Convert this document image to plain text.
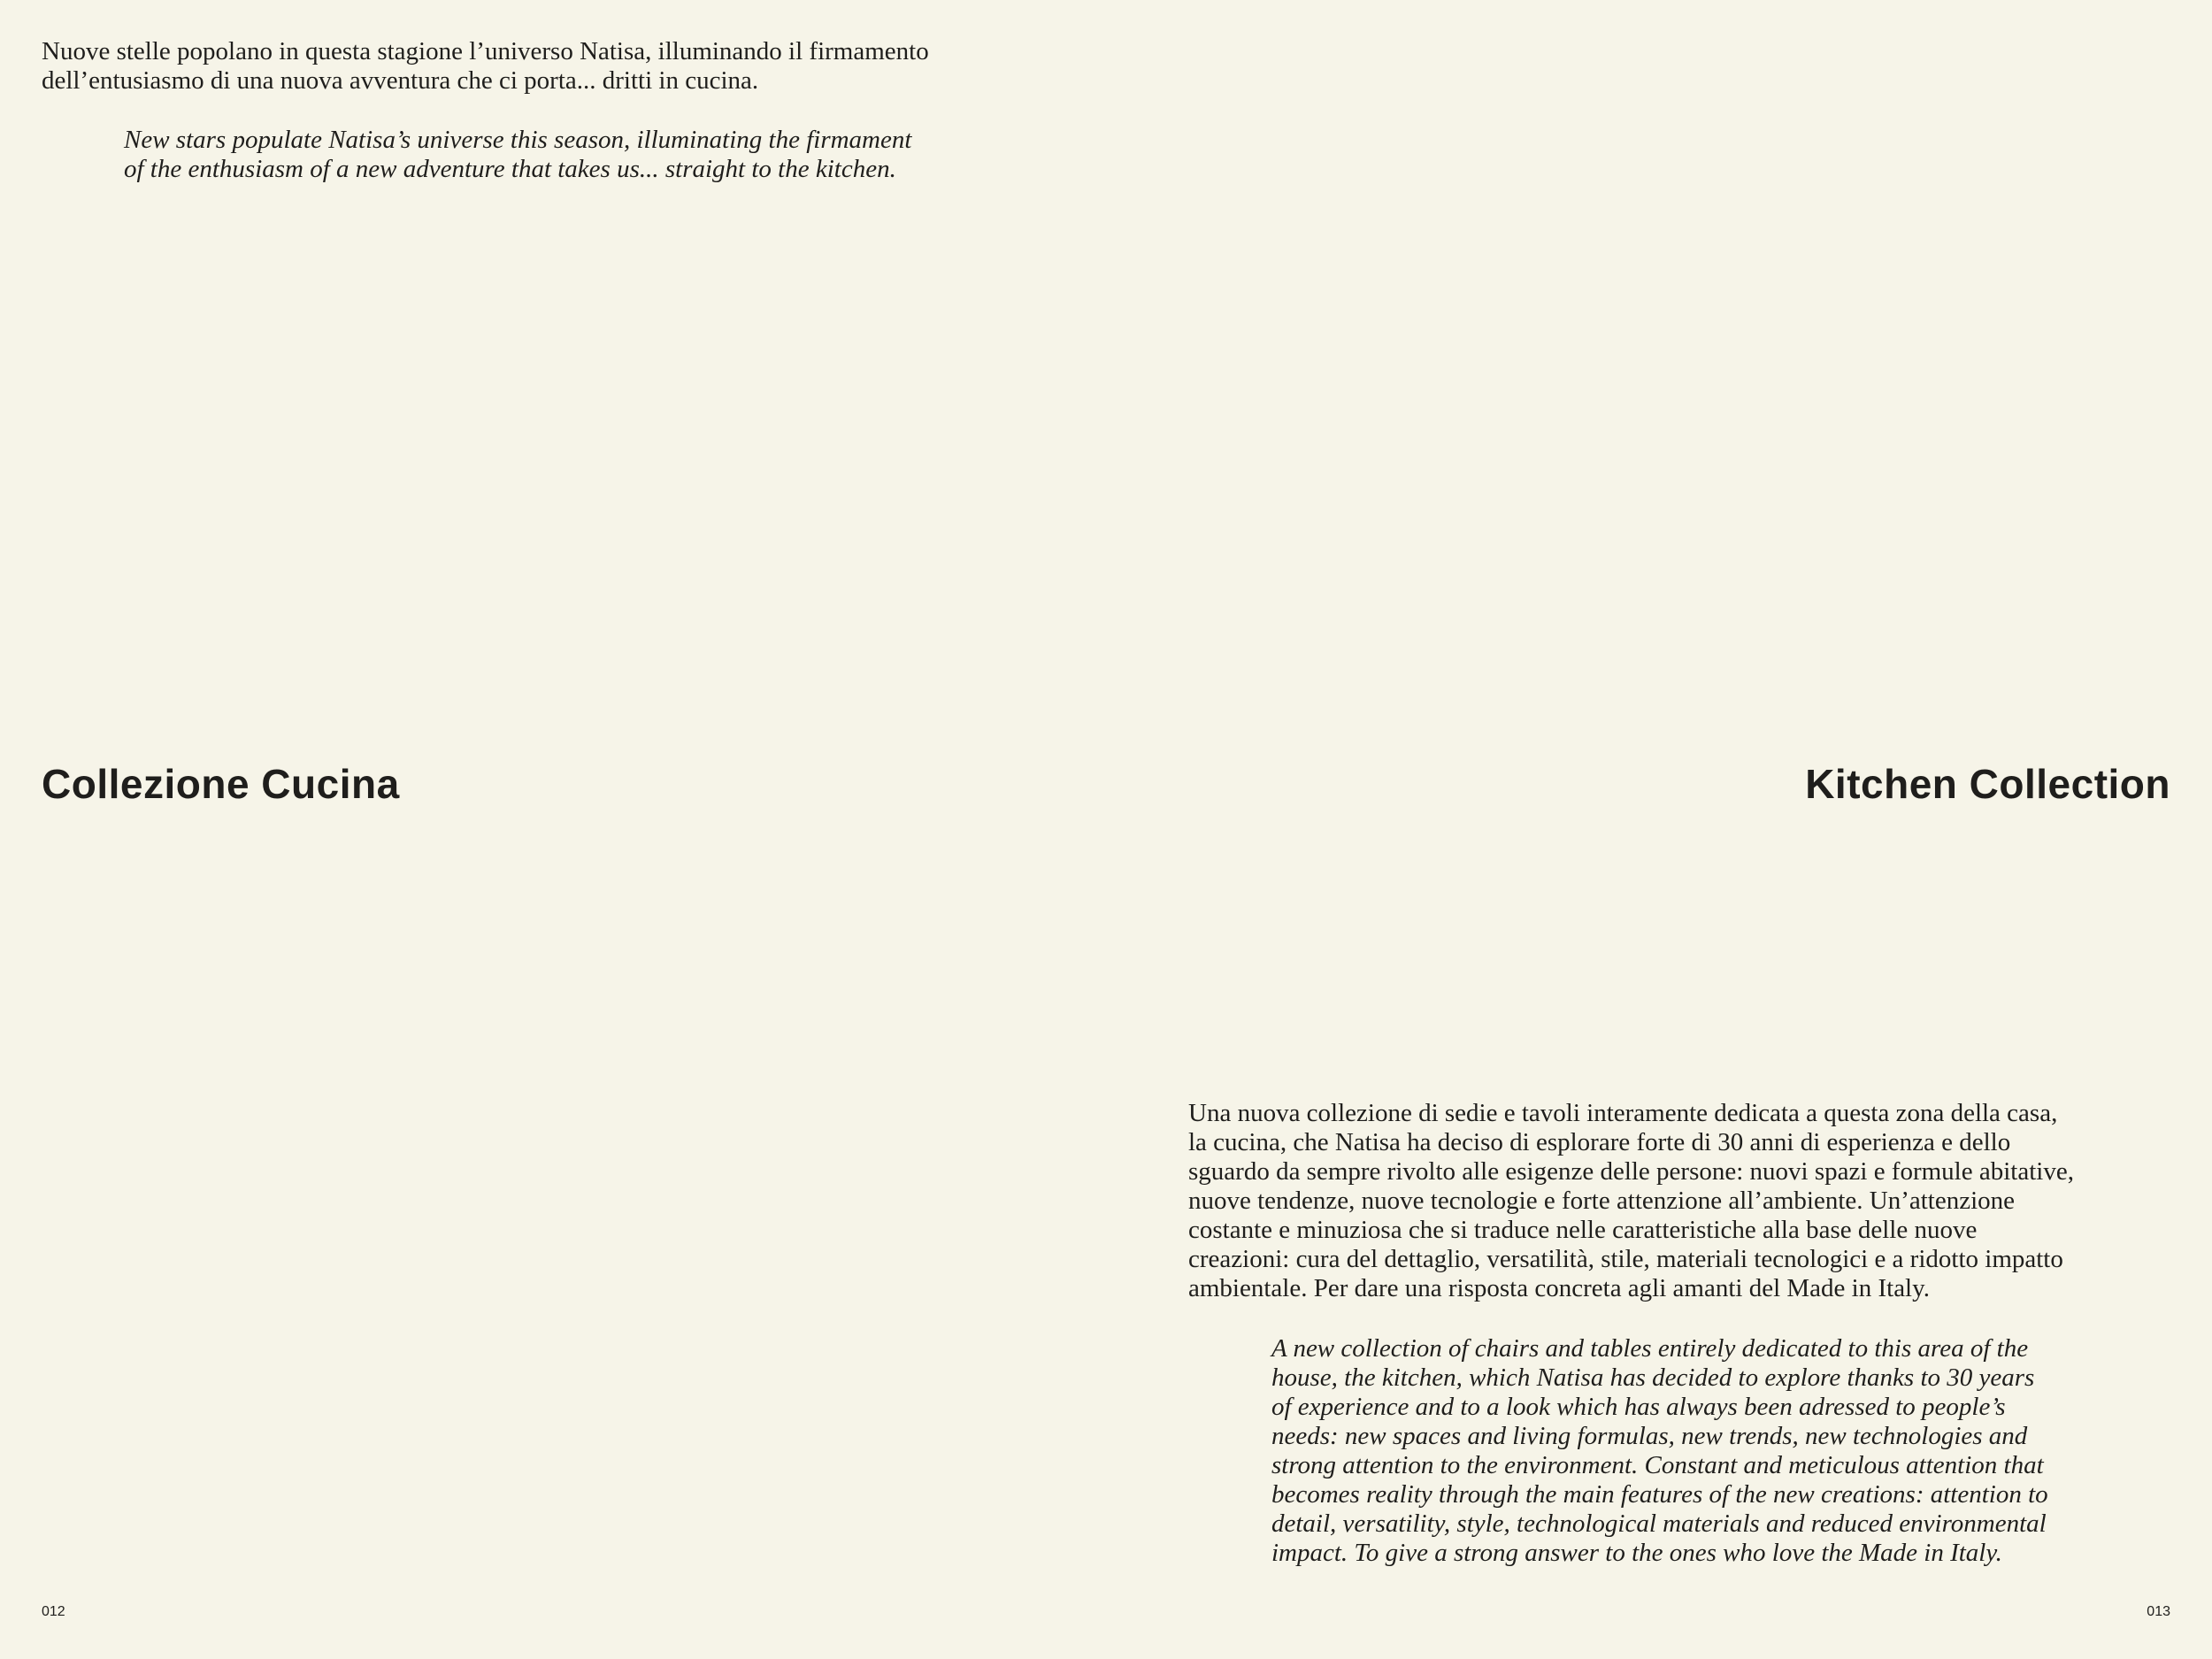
Nuove stelle popolano in questa stagione l’universo Natisa, illuminando il firmamento
dell’entusiasmo di una nuova avventura che ci porta... dritti in cucina.

New stars populate Natisa’s universe this season, illuminating the firmament
of the enthusiasm of a new adventure that takes us... straight to the kitchen.

Collezione Cucina	Kitchen Collection

Una nuova collezione di sedie e tavoli interamente dedicata a questa zona della casa,
la cucina, che Natisa ha deciso di esplorare forte di 30 anni di esperienza e dello
sguardo da sempre rivolto alle esigenze delle persone: nuovi spazi e formule abitative,
nuove tendenze, nuove tecnologie e forte attenzione all’ambiente. Un’attenzione
costante e minuziosa che si traduce nelle caratteristiche alla base delle nuove
creazioni: cura del dettaglio, versatilità, stile, materiali tecnologici e a ridotto impatto
ambientale. Per dare una risposta concreta agli amanti del Made in Italy.

A new collection of chairs and tables entirely dedicated to this area of the
house, the kitchen, which Natisa has decided to explore thanks to 30 years
of experience and to a look which has always been adressed to people’s
needs: new spaces and living formulas, new trends, new technologies and
strong attention to the environment. Constant and meticulous attention that
becomes reality through the main features of the new creations: attention to
detail, versatility, style, technological materials and reduced environmental
impact. To give a strong answer to the ones who love the Made in Italy.

012	013
